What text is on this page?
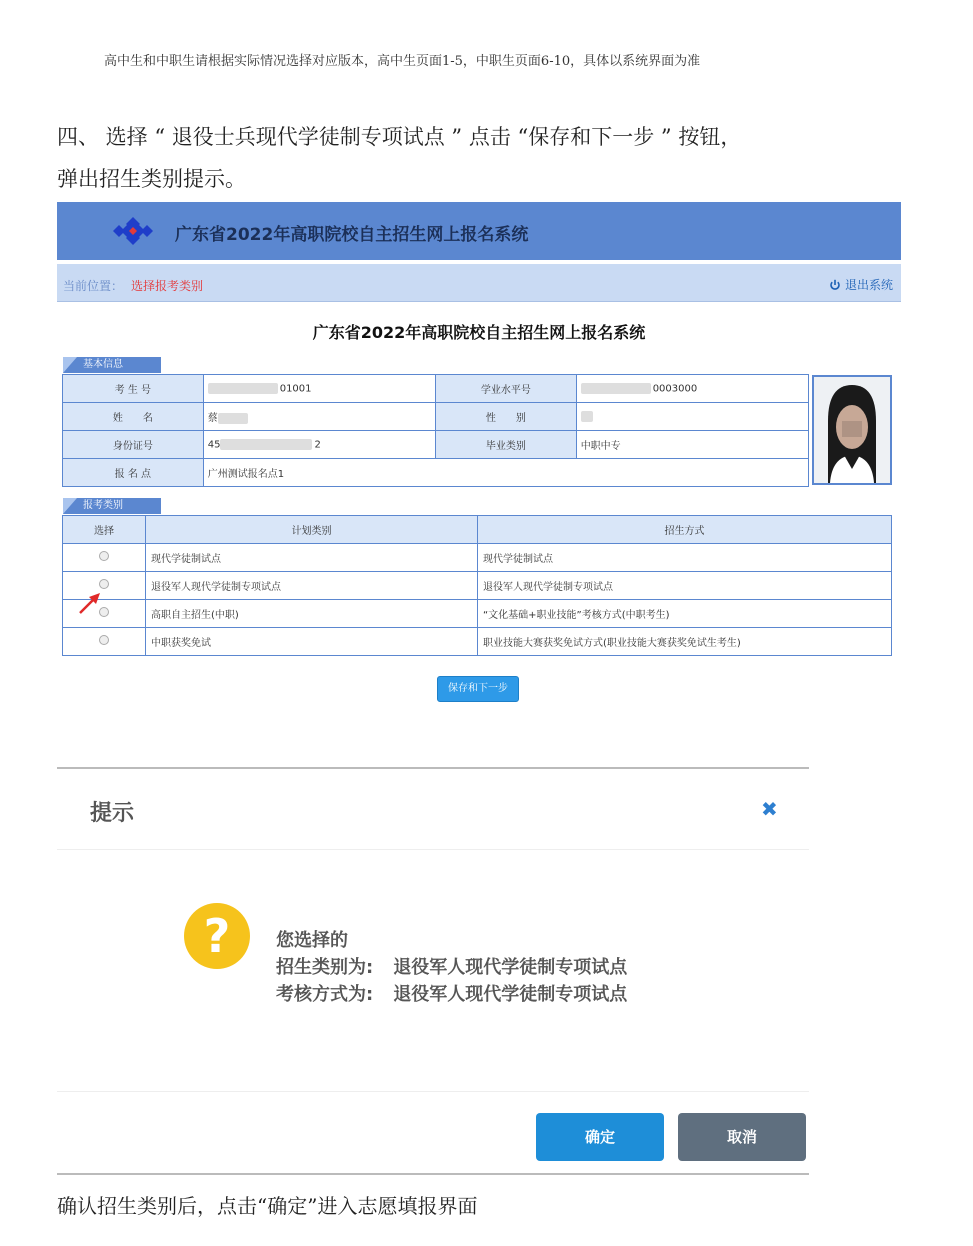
高中生和中职生请根据实际情况选择对应版本，高中生页面1-5，中职生页面6-10，具体以系统界面为准
四、 选择 “ 退役士兵现代学徒制专项试点 ” 点击 “保存和下一步 ” 按钮，
弹出招生类别提示。
广东省2022年高职院校自主招生网上报名系统
当前位置： 选择报考类别	退出系统
广东省2022年高职院校自主招生网上报名系统
基本信息
考 生 号	01001	学业水平号	0003000
姓　　名	蔡	性　　别	
身份证号	45 2	毕业类别	中职中专
报 名 点	广州测试报名点1		
报考类别
选择	计划类别	招生方式
	现代学徒制试点	现代学徒制试点
	退役军人现代学徒制专项试点	退役军人现代学徒制专项试点
	高职自主招生(中职)	“文化基础+职业技能”考核方式(中职考生)
	中职获奖免试	职业技能大赛获奖免试方式(职业技能大赛获奖免试生考生)
保存和下一步
提示	✖
?	您选择的
招生类别为: 退役军人现代学徒制专项试点
考核方式为: 退役军人现代学徒制专项试点
确定	取消
确认招生类别后，点击“确定”进入志愿填报界面
